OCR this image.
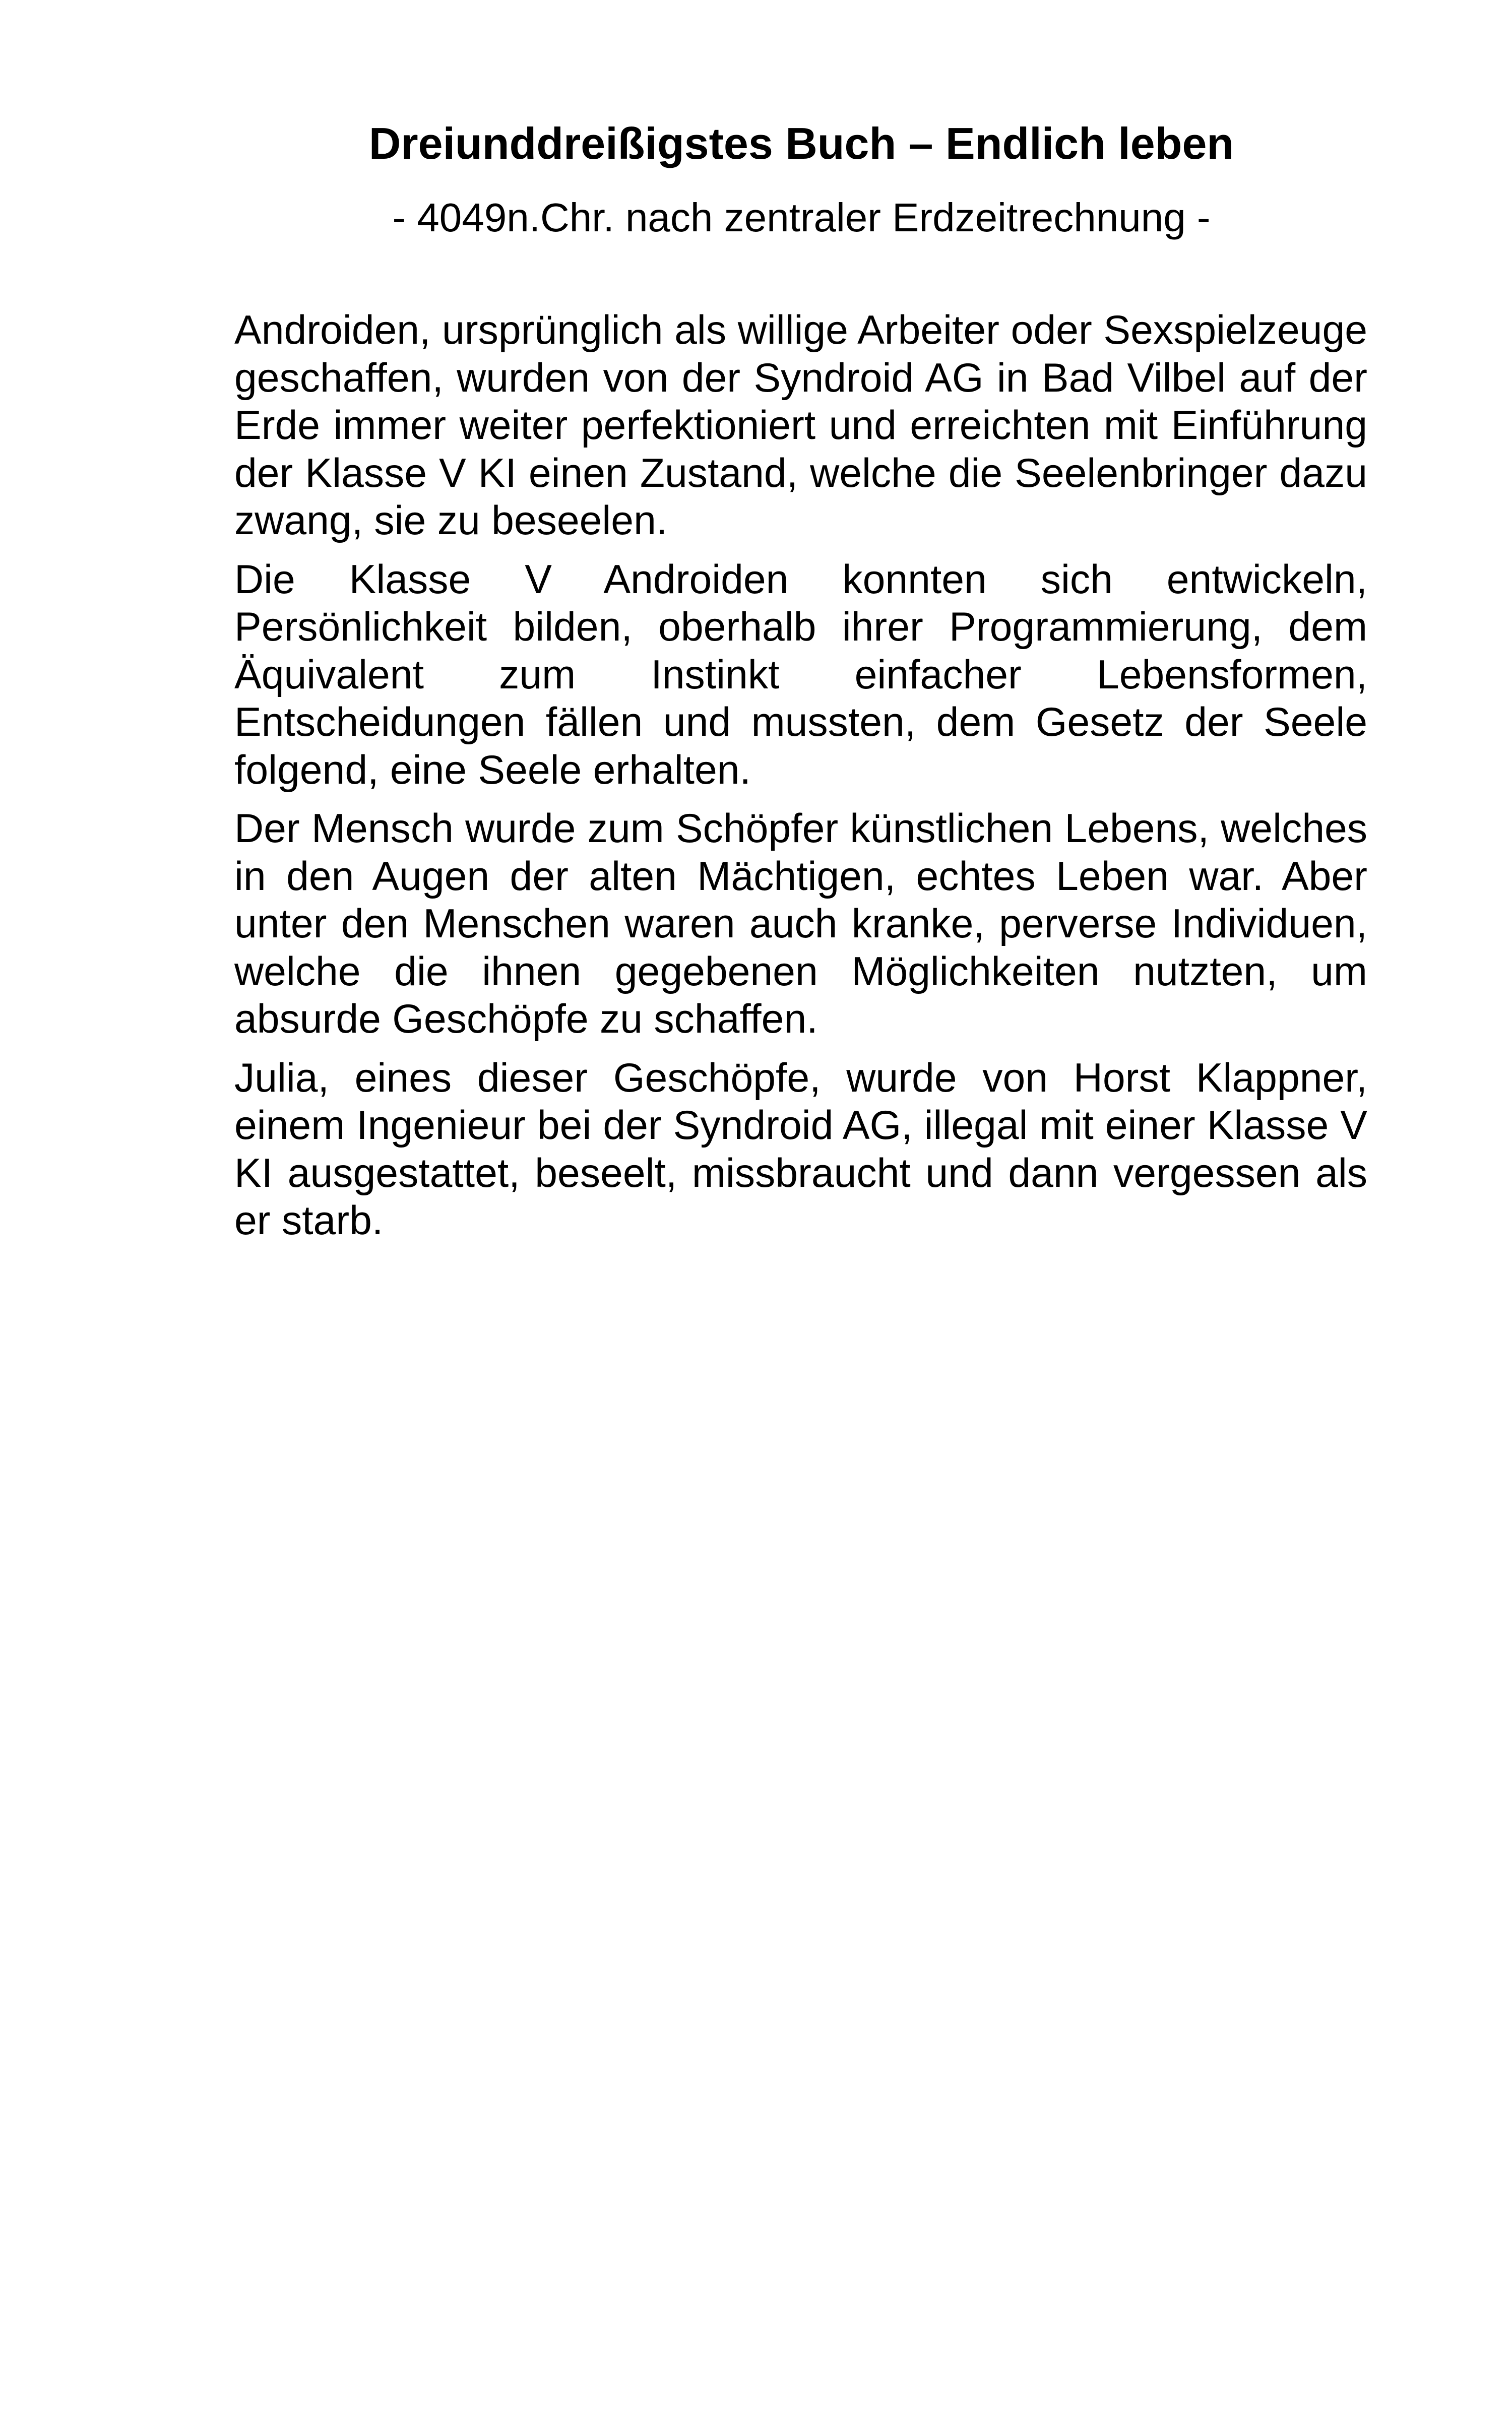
Dreiunddreißigstes Buch – Endlich leben

- 4049n.Chr. nach zentraler Erdzeitrechnung -

Androiden, ursprünglich als willige Arbeiter oder Sexspielzeuge geschaffen, wurden von der Syndroid AG in Bad Vilbel auf der Erde immer weiter perfektioniert und erreichten mit Einführung der Klasse V KI einen Zustand, welche die Seelenbringer dazu zwang, sie zu beseelen.

Die Klasse V Androiden konnten sich entwickeln, Persönlichkeit bilden, oberhalb ihrer Programmierung, dem Äquivalent zum Instinkt einfacher Lebensformen, Entscheidungen fällen und mussten, dem Gesetz der Seele folgend, eine Seele erhalten.

Der Mensch wurde zum Schöpfer künstlichen Lebens, welches in den Augen der alten Mächtigen, echtes Leben war. Aber unter den Menschen waren auch kranke, perverse Individuen, welche die ihnen gegebenen Möglichkeiten nutzten, um absurde Geschöpfe zu schaffen.

Julia, eines dieser Geschöpfe, wurde von Horst Klappner, einem Ingenieur bei der Syndroid AG, illegal mit einer Klasse V KI ausgestattet, beseelt, missbraucht und dann vergessen als er starb.
